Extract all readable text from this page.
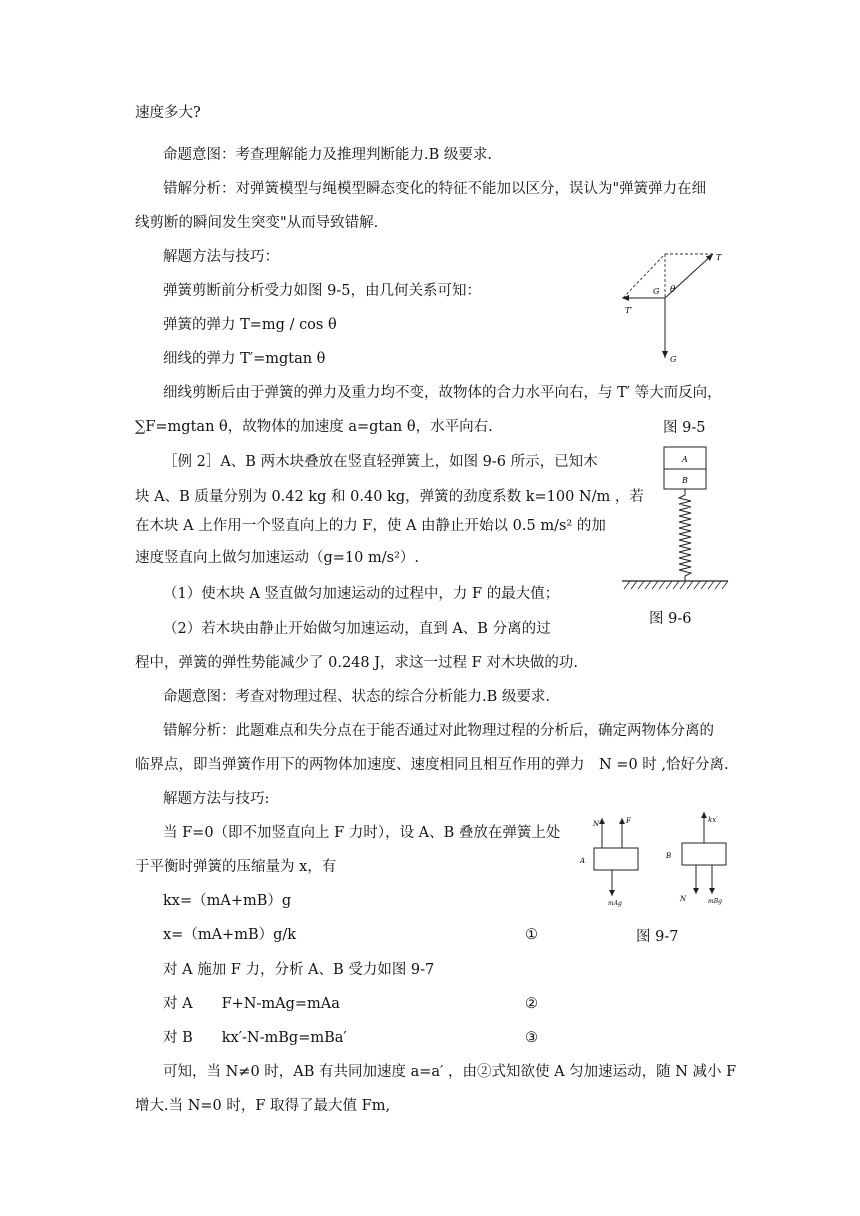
速度多大?
命题意图：考查理解能力及推理判断能力.B 级要求.
错解分析：对弹簧模型与绳模型瞬态变化的特征不能加以区分，误认为"弹簧弹力在细
线剪断的瞬间发生突变"从而导致错解.
解题方法与技巧：
弹簧剪断前分析受力如图 9-5，由几何关系可知：
弹簧的弹力 T=mg / cos θ
细线的弹力 T′=mgtan θ
细线剪断后由于弹簧的弹力及重力均不变，故物体的合力水平向右，与 T′ 等大而反向，
∑F=mgtan θ，故物体的加速度 a=gtan θ，水平向右.
［例 2］A、B 两木块叠放在竖直轻弹簧上，如图 9-6 所示，已知木
块 A、B 质量分别为 0.42 kg 和 0.40 kg，弹簧的劲度系数 k=100 N/m ，若
在木块 A 上作用一个竖直向上的力 F，使 A 由静止开始以 0.5 m/s² 的加
速度竖直向上做匀加速运动（g=10 m/s²）.
（1）使木块 A 竖直做匀加速运动的过程中，力 F 的最大值；
（2）若木块由静止开始做匀加速运动，直到 A、B 分离的过
程中，弹簧的弹性势能减少了 0.248 J，求这一过程 F 对木块做的功.
命题意图：考查对物理过程、状态的综合分析能力.B 级要求.
错解分析：此题难点和失分点在于能否通过对此物理过程的分析后，确定两物体分离的
临界点，即当弹簧作用下的两物体加速度、速度相同且相互作用的弹力　N =0 时 ,恰好分离.
解题方法与技巧:
当 F=0（即不加竖直向上 F 力时），设 A、B 叠放在弹簧上处
于平衡时弹簧的压缩量为 x，有
kx=（mA+mB）g
x=（mA+mB）g/k
对 A 施加 F 力，分析 A、B 受力如图 9-7
对 A　　F+N-mAg=mAa
对 B　　kx′-N-mBg=mBa′
可知，当 N≠0 时，AB 有共同加速度 a=a′ ，由②式知欲使 A 匀加速运动，随 N 减小 F
增大.当 N=0 时，F 取得了最大值 Fm,
①
②
③
图 9-5
图 9-6
图 9-7
T
G θ
T′
G
A
B
N	F
A
mAg
kx′
B
N	mBg
